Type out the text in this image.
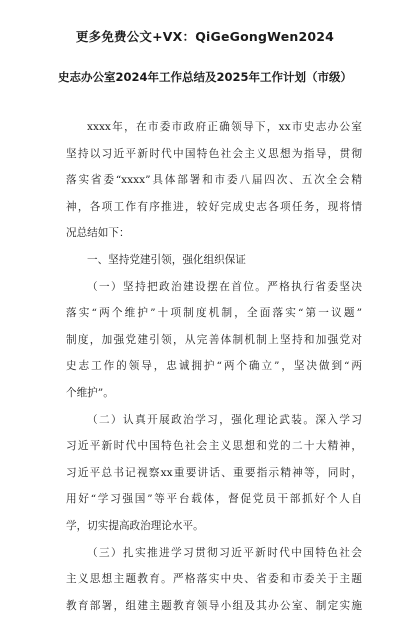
更多免费公文+VX：QiGeGongWen2024
史志办公室2024年工作总结及2025年工作计划（市级）
xxxx年，在市委市政府正确领导下，xx市史志办公室
坚持以习近平新时代中国特色社会主义思想为指导，贯彻
落实省委“xxxx”具体部署和市委八届四次、五次全会精
神，各项工作有序推进，较好完成史志各项任务，现将情
况总结如下：
一、坚持党建引领，强化组织保证
（一）坚持把政治建设摆在首位。严格执行省委坚决
落实“两个维护”十项制度机制，全面落实“第一议题”
制度，加强党建引领，从完善体制机制上坚持和加强党对
史志工作的领导，忠诚拥护“两个确立”，坚决做到“两
个维护”。
（二）认真开展政治学习，强化理论武装。深入学习
习近平新时代中国特色社会主义思想和党的二十大精神，
习近平总书记视察xx重要讲话、重要指示精神等，同时，
用好“学习强国”等平台载体，督促党员干部抓好个人自
学，切实提高政治理论水平。
（三）扎实推进学习贯彻习近平新时代中国特色社会
主义思想主题教育。严格落实中央、省委和市委关于主题
教育部署，组建主题教育领导小组及其办公室、制定实施
